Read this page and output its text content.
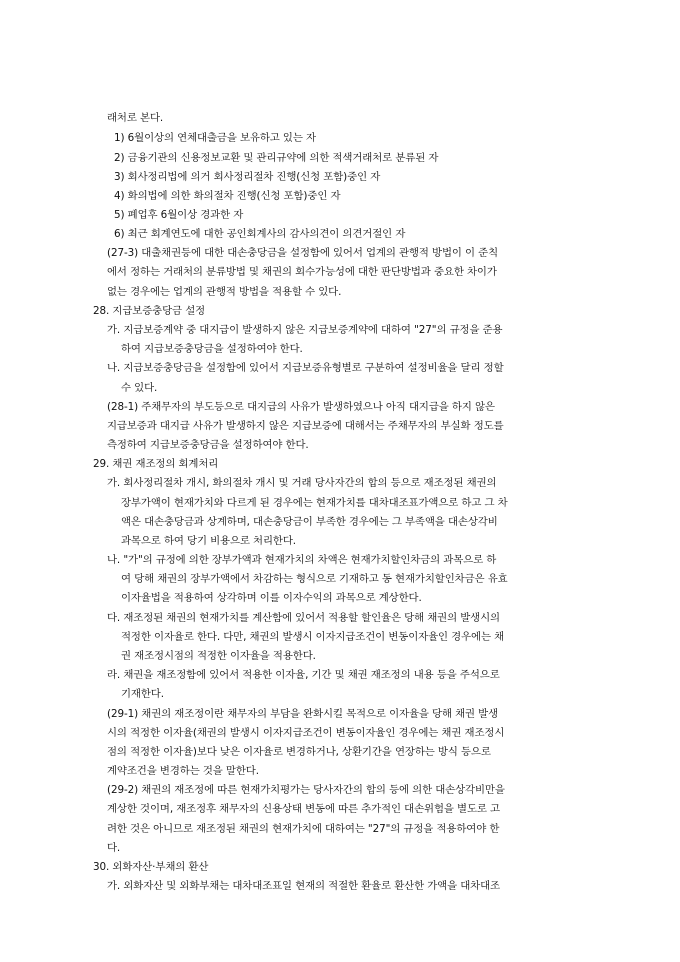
래처로 본다.
1) 6월이상의 연체대출금을 보유하고 있는 자
2) 금융기관의 신용정보교환 및 관리규약에 의한 적색거래처로 분류된 자
3) 회사정리법에 의거 회사정리절차 진행(신청 포함)중인 자
4) 화의법에 의한 화의절차 진행(신청 포함)중인 자
5) 폐업후 6월이상 경과한 자
6) 최근 회계연도에 대한 공인회계사의 감사의견이 의견거절인 자
(27-3) 대출채권등에 대한 대손충당금을 설정함에 있어서 업계의 관행적 방법이 이 준칙
에서 정하는 거래처의 분류방법 및 채권의 회수가능성에 대한 판단방법과 중요한 차이가
없는 경우에는 업계의 관행적 방법을 적용할 수 있다.
28. 지급보증충당금 설정
가. 지급보증계약 중 대지급이 발생하지 않은 지급보증계약에 대하여 "27"의 규정을 준용
하여 지급보증충당금을 설정하여야 한다.
나. 지급보증충당금을 설정함에 있어서 지급보증유형별로 구분하여 설정비율을 달리 정할
수 있다.
(28-1) 주채무자의 부도등으로 대지급의 사유가 발생하였으나 아직 대지급을 하지 않은
지급보증과 대지급 사유가 발생하지 않은 지급보증에 대해서는 주채무자의 부실화 정도를
측정하여 지급보증충당금을 설정하여야 한다.
29. 채권 재조정의 회계처리
가. 회사정리절차 개시, 화의절차 개시 및 거래 당사자간의 합의 등으로 재조정된 채권의
장부가액이 현재가치와 다르게 된 경우에는 현재가치를 대차대조표가액으로 하고 그 차
액은 대손충당금과 상계하며, 대손충당금이 부족한 경우에는 그 부족액을 대손상각비
과목으로 하여 당기 비용으로 처리한다.
나. "가"의 규정에 의한 장부가액과 현재가치의 차액은 현재가치할인차금의 과목으로 하
여 당해 채권의 장부가액에서 차감하는 형식으로 기재하고 동 현재가치할인차금은 유효
이자율법을 적용하여 상각하며 이를 이자수익의 과목으로 계상한다.
다. 재조정된 채권의 현재가치를 계산함에 있어서 적용할 할인율은 당해 채권의 발생시의
적정한 이자율로 한다. 다만, 채권의 발생시 이자지급조건이 변동이자율인 경우에는 채
권 재조정시점의 적정한 이자율을 적용한다.
라. 채권을 재조정함에 있어서 적용한 이자율, 기간 및 채권 재조정의 내용 등을 주석으로
기재한다.
(29-1) 채권의 재조정이란 채무자의 부담을 완화시킬 목적으로 이자율을 당해 채권 발생
시의 적정한 이자율(채권의 발생시 이자지급조건이 변동이자율인 경우에는 채권 재조정시
점의 적정한 이자율)보다 낮은 이자율로 변경하거나, 상환기간을 연장하는 방식 등으로
계약조건을 변경하는 것을 말한다.
(29-2) 채권의 재조정에 따른 현재가치평가는 당사자간의 합의 등에 의한 대손상각비만을
계상한 것이며, 재조정후 채무자의 신용상태 변동에 따른 추가적인 대손위험을 별도로 고
려한 것은 아니므로 재조정된 채권의 현재가치에 대하여는 "27"의 규정을 적용하여야 한
다.
30. 외화자산·부채의 환산
가. 외화자산 및 외화부채는 대차대조표일 현재의 적절한 환율로 환산한 가액을 대차대조
